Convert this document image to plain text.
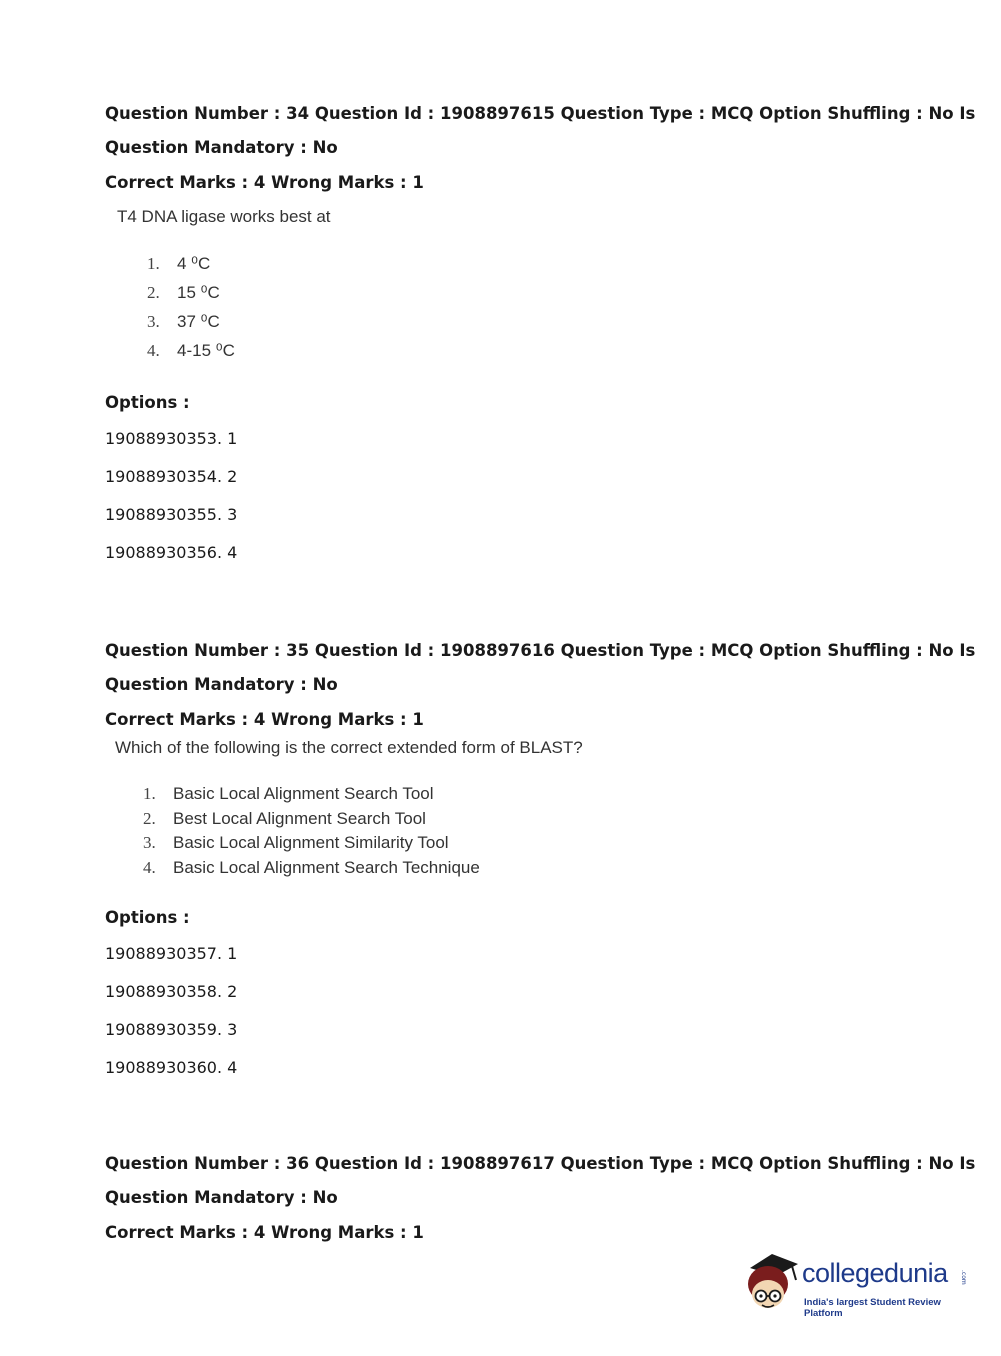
Question Number : 34 Question Id : 1908897615 Question Type : MCQ Option Shuffling : No Is
Question Mandatory : No
Correct Marks : 4 Wrong Marks : 1
T4 DNA ligase works best at
1.	4 ⁰C
2.	15 ⁰C
3.	37 ⁰C
4.	4-15 ⁰C
Options :
19088930353. 1
19088930354. 2
19088930355. 3
19088930356. 4
Question Number : 35 Question Id : 1908897616 Question Type : MCQ Option Shuffling : No Is
Question Mandatory : No
Correct Marks : 4 Wrong Marks : 1
Which of the following is the correct extended form of BLAST?
1.	Basic Local Alignment Search Tool
2.	Best Local Alignment Search Tool
3.	Basic Local Alignment Similarity Tool
4.	Basic Local Alignment Search Technique
Options :
19088930357. 1
19088930358. 2
19088930359. 3
19088930360. 4
Question Number : 36 Question Id : 1908897617 Question Type : MCQ Option Shuffling : No Is
Question Mandatory : No
Correct Marks : 4 Wrong Marks : 1
collegedunia .com
India's largest Student Review Platform
